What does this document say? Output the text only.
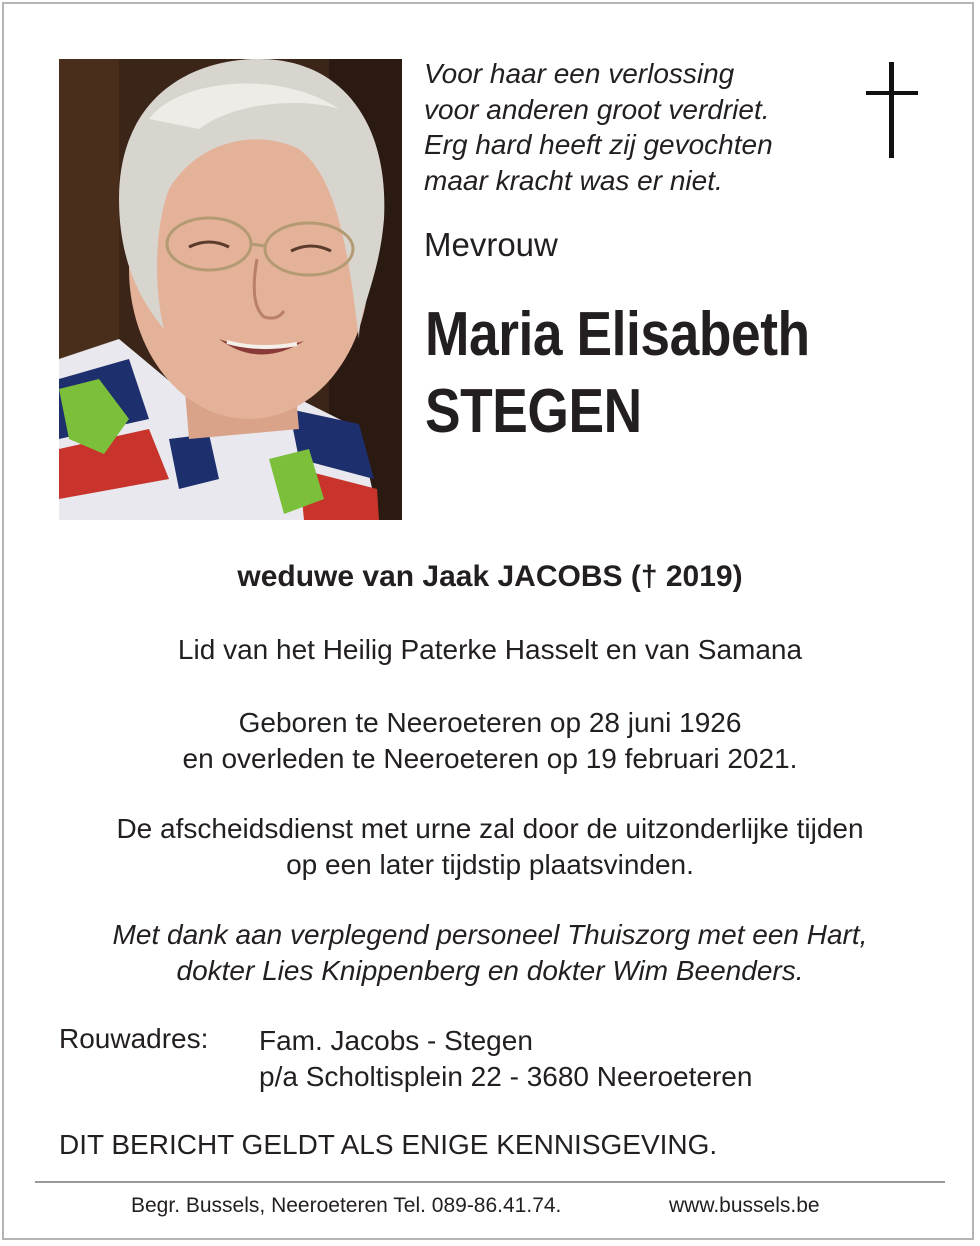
Voor haar een verlossing
voor anderen groot verdriet.
Erg hard heeft zij gevochten
maar kracht was er niet.
Mevrouw
Maria Elisabeth
STEGEN
weduwe van Jaak JACOBS († 2019)
Lid van het Heilig Paterke Hasselt en van Samana
Geboren te Neeroeteren op 28 juni 1926
en overleden te Neeroeteren op 19 februari 2021.
De afscheidsdienst met urne zal door de uitzonderlijke tijden
op een later tijdstip plaatsvinden.
Met dank aan verplegend personeel Thuiszorg met een Hart,
dokter Lies Knippenberg en dokter Wim Beenders.
Rouwadres: Fam. Jacobs - Stegen
p/a Scholtisplein 22 - 3680 Neeroeteren
DIT BERICHT GELDT ALS ENIGE KENNISGEVING.
Begr. Bussels, Neeroeteren Tel. 089-86.41.74.	www.bussels.be
